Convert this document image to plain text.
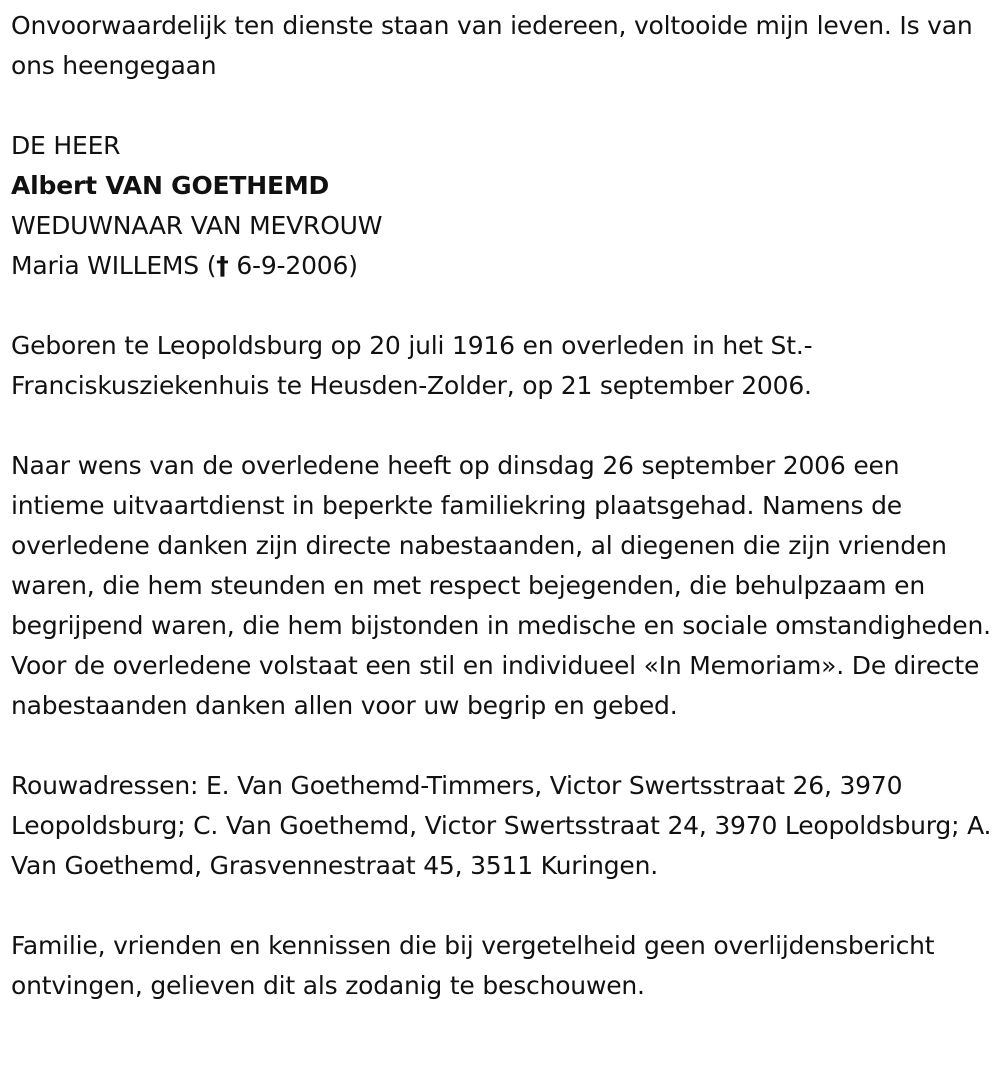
Onvoorwaardelijk ten dienste staan van iedereen, voltooide mijn leven. Is van ons heengegaan

DE HEER

Albert VAN GOETHEMD

WEDUWNAAR VAN MEVROUW

Maria WILLEMS († 6-9-2006)

Geboren te Leopoldsburg op 20 juli 1916 en overleden in het St.-Franciskusziekenhuis te Heusden-Zolder, op 21 september 2006.

Naar wens van de overledene heeft op dinsdag 26 september 2006 een intieme uitvaartdienst in beperkte familiekring plaatsgehad. Namens de overledene danken zijn directe nabestaanden, al diegenen die zijn vrienden waren, die hem steunden en met respect bejegenden, die behulpzaam en begrijpend waren, die hem bijstonden in medische en sociale omstandigheden. Voor de overledene volstaat een stil en individueel «In Memoriam». De directe nabestaanden danken allen voor uw begrip en gebed.

Rouwadressen: E. Van Goethemd-Timmers, Victor Swertsstraat 26, 3970 Leopoldsburg; C. Van Goethemd, Victor Swertsstraat 24, 3970 Leopoldsburg; A. Van Goethemd, Grasvennestraat 45, 3511 Kuringen.

Familie, vrienden en kennissen die bij vergetelheid geen overlijdensbericht ontvingen, gelieven dit als zodanig te beschouwen.
